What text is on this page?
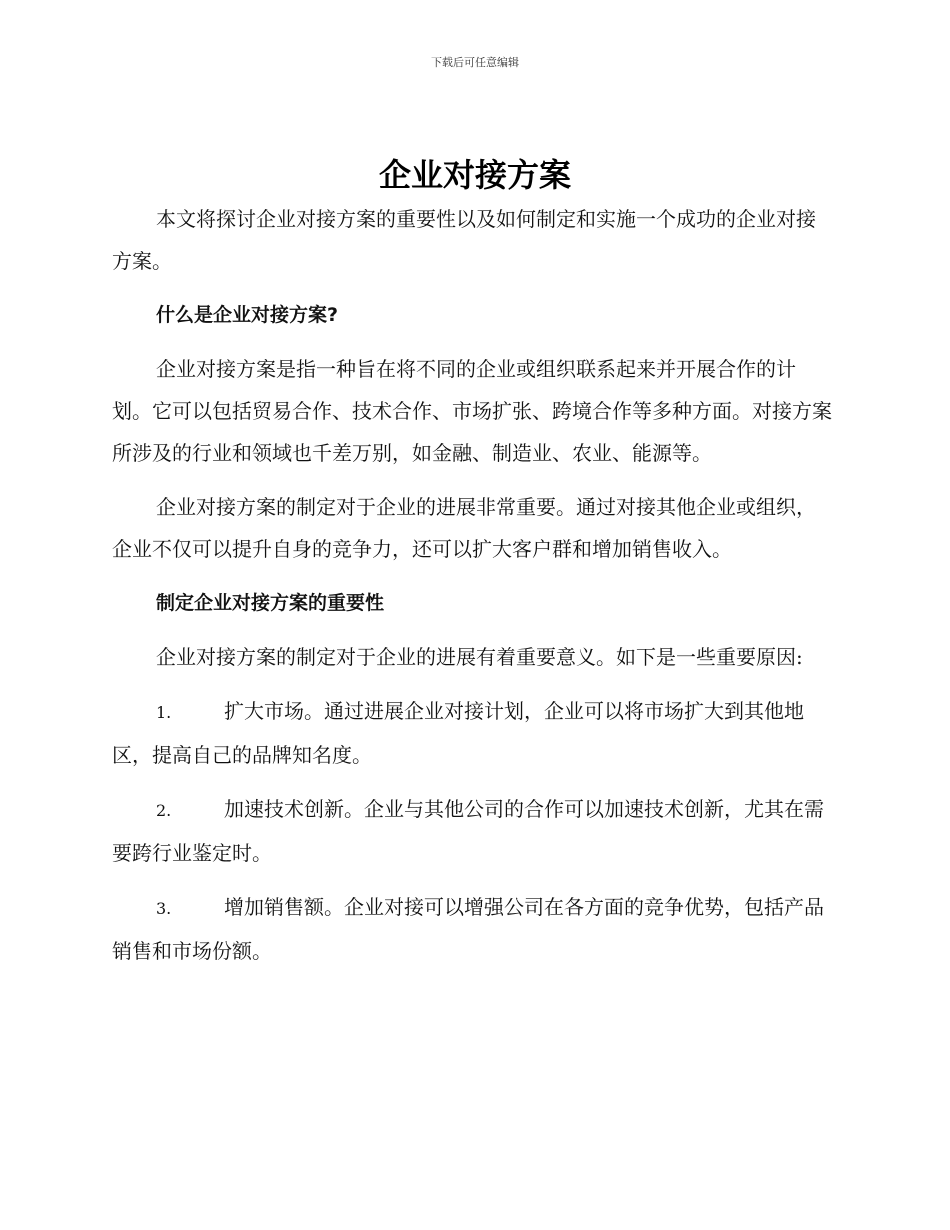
下载后可任意编辑
企业对接方案

本文将探讨企业对接方案的重要性以及如何制定和实施一个成功的企业对接方案。

什么是企业对接方案?

企业对接方案是指一种旨在将不同的企业或组织联系起来并开展合作的计划。它可以包括贸易合作、技术合作、市场扩张、跨境合作等多种方面。对接方案所涉及的行业和领域也千差万别，如金融、制造业、农业、能源等。

企业对接方案的制定对于企业的进展非常重要。通过对接其他企业或组织，企业不仅可以提升自身的竞争力，还可以扩大客户群和增加销售收入。

制定企业对接方案的重要性

企业对接方案的制定对于企业的进展有着重要意义。如下是一些重要原因:

1.	扩大市场。通过进展企业对接计划，企业可以将市场扩大到其他地区，提高自己的品牌知名度。

2.	加速技术创新。企业与其他公司的合作可以加速技术创新，尤其在需要跨行业鉴定时。

3.	增加销售额。企业对接可以增强公司在各方面的竞争优势，包括产品销售和市场份额。
